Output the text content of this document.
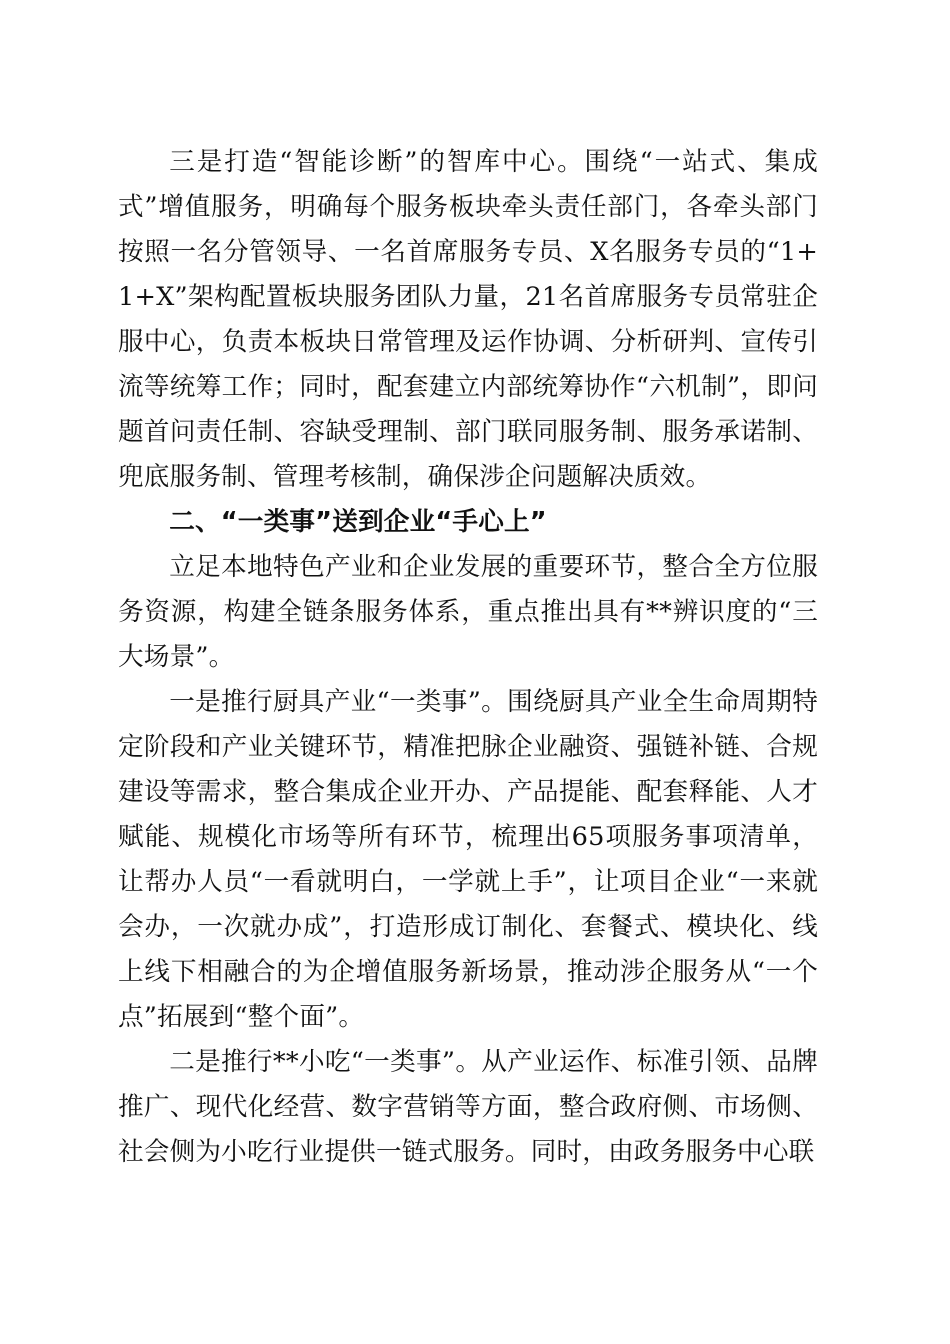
三是打造“智能诊断”的智库中心。围绕“一站式、集成式”增值服务，明确每个服务板块牵头责任部门，各牵头部门按照一名分管领导、一名首席服务专员、X名服务专员的“1+1+X”架构配置板块服务团队力量，21名首席服务专员常驻企服中心，负责本板块日常管理及运作协调、分析研判、宣传引流等统筹工作；同时，配套建立内部统筹协作“六机制”，即问题首问责任制、容缺受理制、部门联同服务制、服务承诺制、兜底服务制、管理考核制，确保涉企问题解决质效。

二、“一类事”送到企业“手心上”

立足本地特色产业和企业发展的重要环节，整合全方位服务资源，构建全链条服务体系，重点推出具有**辨识度的“三大场景”。

一是推行厨具产业“一类事”。围绕厨具产业全生命周期特定阶段和产业关键环节，精准把脉企业融资、强链补链、合规建设等需求，整合集成企业开办、产品提能、配套释能、人才赋能、规模化市场等所有环节，梳理出65项服务事项清单，让帮办人员“一看就明白，一学就上手”，让项目企业“一来就会办，一次就办成”，打造形成订制化、套餐式、模块化、线上线下相融合的为企增值服务新场景，推动涉企服务从“一个点”拓展到“整个面”。

二是推行**小吃“一类事”。从产业运作、标准引领、品牌推广、现代化经营、数字营销等方面，整合政府侧、市场侧、社会侧为小吃行业提供一链式服务。同时，由政务服务中心联
